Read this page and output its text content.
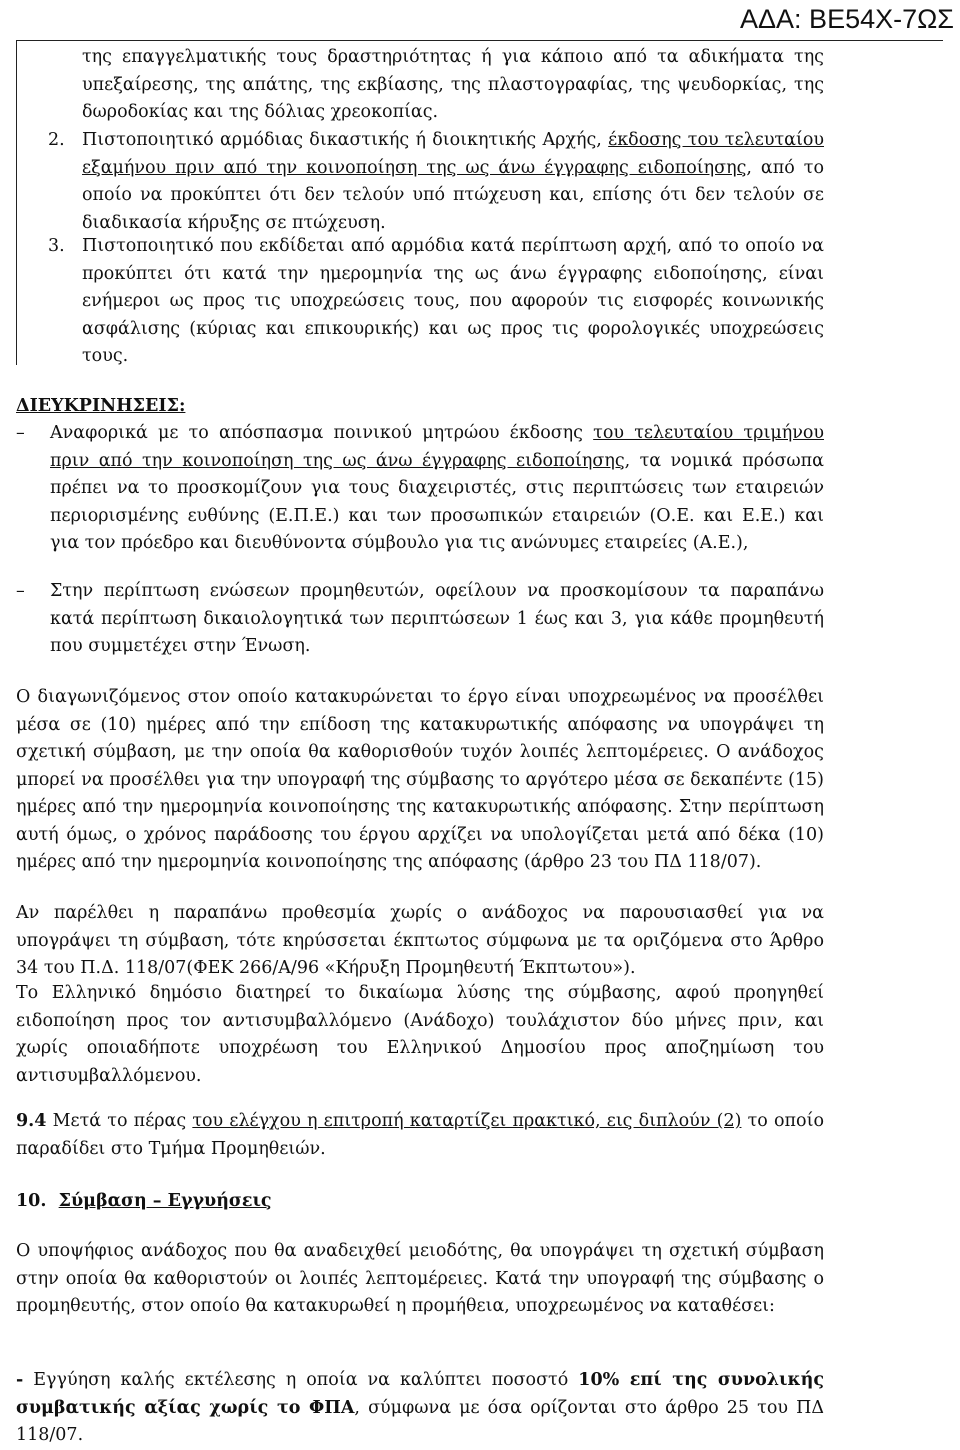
ΑΔΑ: ΒΕ54Χ-7ΩΣ

της επαγγελματικής τους δραστηριότητας ή για κάποιο από τα αδικήματα της υπεξαίρεσης, της απάτης, της εκβίασης, της πλαστογραφίας, της ψευδορκίας, της δωροδοκίας και της δόλιας χρεοκοπίας.

2. Πιστοποιητικό αρμόδιας δικαστικής ή διοικητικής Αρχής, έκδοσης του τελευταίου εξαμήνου πριν από την κοινοποίηση της ως άνω έγγραφης ειδοποίησης, από το οποίο να προκύπτει ότι δεν τελούν υπό πτώχευση και, επίσης ότι δεν τελούν σε διαδικασία κήρυξης σε πτώχευση.

3. Πιστοποιητικό που εκδίδεται από αρμόδια κατά περίπτωση αρχή, από το οποίο να προκύπτει ότι κατά την ημερομηνία της ως άνω έγγραφης ειδοποίησης, είναι ενήμεροι ως προς τις υποχρεώσεις τους, που αφορούν τις εισφορές κοινωνικής ασφάλισης (κύριας και επικουρικής) και ως προς τις φορολογικές υποχρεώσεις τους.

ΔΙΕΥΚΡΙΝΗΣΕΙΣ:
– Αναφορικά με το απόσπασμα ποινικού μητρώου έκδοσης του τελευταίου τριμήνου πριν από την κοινοποίηση της ως άνω έγγραφης ειδοποίησης, τα νομικά πρόσωπα πρέπει να το προσκομίζουν για τους διαχειριστές, στις περιπτώσεις των εταιρειών περιορισμένης ευθύνης (Ε.Π.Ε.) και των προσωπικών εταιρειών (Ο.Ε. και Ε.Ε.) και για τον πρόεδρο και διευθύνοντα σύμβουλο για τις ανώνυμες εταιρείες (Α.Ε.),

– Στην περίπτωση ενώσεων προμηθευτών, οφείλουν να προσκομίσουν τα παραπάνω κατά περίπτωση δικαιολογητικά των περιπτώσεων 1 έως και 3, για κάθε προμηθευτή που συμμετέχει στην Ένωση.

Ο διαγωνιζόμενος στον οποίο κατακυρώνεται το έργο είναι υποχρεωμένος να προσέλθει μέσα σε (10) ημέρες από την επίδοση της κατακυρωτικής απόφασης να υπογράψει τη σχετική σύμβαση, με την οποία θα καθορισθούν τυχόν λοιπές λεπτομέρειες. Ο ανάδοχος μπορεί να προσέλθει για την υπογραφή της σύμβασης το αργότερο μέσα σε δεκαπέντε (15) ημέρες από την ημερομηνία κοινοποίησης της κατακυρωτικής απόφασης. Στην περίπτωση αυτή όμως, ο χρόνος παράδοσης του έργου αρχίζει να υπολογίζεται μετά από δέκα (10) ημέρες από την ημερομηνία κοινοποίησης της απόφασης (άρθρο 23 του ΠΔ 118/07).

Αν παρέλθει η παραπάνω προθεσμία χωρίς ο ανάδοχος να παρουσιασθεί για να υπογράψει τη σύμβαση, τότε κηρύσσεται έκπτωτος σύμφωνα με τα οριζόμενα στο Άρθρο 34 του Π.Δ. 118/07(ΦΕΚ 266/Α/96 «Κήρυξη Προμηθευτή Έκπτωτου»).

Το Ελληνικό δημόσιο διατηρεί το δικαίωμα λύσης της σύμβασης, αφού προηγηθεί ειδοποίηση προς τον αντισυμβαλλόμενο (Ανάδοχο) τουλάχιστον δύο μήνες πριν, και χωρίς οποιαδήποτε υποχρέωση του Ελληνικού Δημοσίου προς αποζημίωση του αντισυμβαλλόμενου.

9.4 Μετά το πέρας του ελέγχου η επιτροπή καταρτίζει πρακτικό, εις διπλούν (2) το οποίο παραδίδει στο Τμήμα Προμηθειών.

10. Σύμβαση – Εγγυήσεις

Ο υποψήφιος ανάδοχος που θα αναδειχθεί μειοδότης, θα υπογράψει τη σχετική σύμβαση στην οποία θα καθοριστούν οι λοιπές λεπτομέρειες. Κατά την υπογραφή της σύμβασης ο προμηθευτής, στον οποίο θα κατακυρωθεί η προμήθεια, υποχρεωμένος να καταθέσει:

- Εγγύηση καλής εκτέλεσης η οποία να καλύπτει ποσοστό 10% επί της συνολικής συμβατικής αξίας χωρίς το ΦΠΑ, σύμφωνα με όσα ορίζονται στο άρθρο 25 του ΠΔ 118/07.
